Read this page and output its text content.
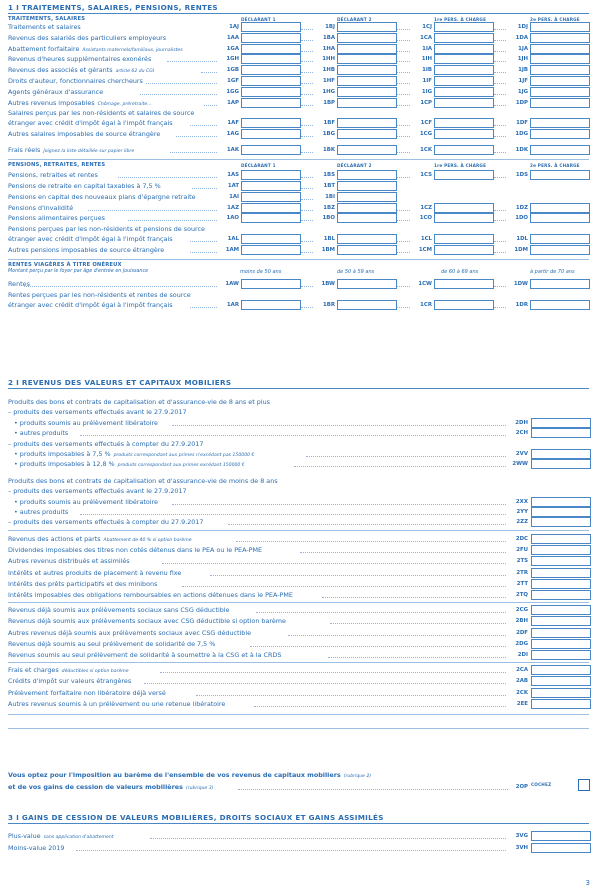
1 I TRAITEMENTS, SALAIRES, PENSIONS, RENTES
TRAITEMENTS, SALAIRES	DÉCLARANT 1	DÉCLARANT 2	1re PERS. À CHARGE	2e PERS. À CHARGE
Traitements et salaires	1AJ	1BJ	1CJ	1DJ
Revenus des salariés des particuliers employeurs	1AA	1BA	1CA	1DA
Abattement forfaitaire Assistants maternels/familiaux, journalistes	1GA	1HA	1IA	1JA
Revenus d'heures supplémentaires exonérés	1GH	1HH	1IH	1JH
Revenus des associés et gérants article 62 du CGI	1GB	1HB	1IB	1JB
Droits d'auteur, fonctionnaires chercheurs	1GF	1HF	1IF	1JF
Agents généraux d'assurance	1GG	1HG	1IG	1JG
Autres revenus imposables Chômage, préretraite...	1AP	1BP	1CP	1DP
Salaires perçus par les non-résidents et salaires de source
étranger avec crédit d'impôt égal à l'impôt français	1AF	1BF	1CF	1DF
Autres salaires imposables de source étrangère	1AG	1BG	1CG	1DG
Frais réels Joignez la liste détaillée sur papier libre	1AK	1BK	1CK	1DK
PENSIONS, RETRAITES, RENTES	DÉCLARANT 1	DÉCLARANT 2	1re PERS. À CHARGE	2e PERS. À CHARGE
Pensions, retraites et rentes	1AS	1BS	1CS	1DS
Pensions de retraite en capital taxables à 7,5 %	1AT	1BT
Pensions en capital des nouveaux plans d'épargne retraite	1AI	1BI
Pensions d'invalidité	1AZ	1BZ	1CZ	1DZ
Pensions alimentaires perçues	1AO	1BO	1CO	1DO
Pensions perçues par les non-résidents et pensions de source
étranger avec crédit d'impôt égal à l'impôt français	1AL	1BL	1CL	1DL
Autres pensions imposables de source étrangère	1AM	1BM	1CM	1DM
RENTES VIAGÈRES À TITRE ONÉREUX
Montant perçu par le foyer par âge d'entrée en jouissance	moins de 50 ans	de 50 à 59 ans	de 60 à 69 ans	à partir de 70 ans
Rentes	1AW	1BW	1CW	1DW
Rentes perçues par les non-résidents et rentes de source
étranger avec crédit d'impôt égal à l'impôt français	1AR	1BR	1CR	1DR
2 I REVENUS DES VALEURS ET CAPITAUX MOBILIERS
Produits des bons et contrats de capitalisation et d'assurance-vie de 8 ans et plus
– produits des versements effectués avant le 27.9.2017
• produits soumis au prélèvement libératoire	2DH
• autres produits	2CH
– produits des versements effectués à compter du 27.9.2017
• produits imposables à 7,5 % produits correspondant aux primes n'excédant pas 150000 €	2VV
• produits imposables à 12,8 % produits correspondant aux primes excédant 150000 €	2WW
Produits des bons et contrats de capitalisation et d'assurance-vie de moins de 8 ans
– produits des versements effectués avant le 27.9.2017
• produits soumis au prélèvement libératoire	2XX
• autres produits	2YY
– produits des versements effectués à compter du 27.9.2017	2ZZ
Revenus des actions et parts Abattement de 40 % si option barème	2DC
Dividendes imposables des titres non cotés détenus dans le PEA ou le PEA-PME	2FU
Autres revenus distribués et assimilés	2TS
Intérêts et autres produits de placement à revenu fixe	2TR
Intérêts des prêts participatifs et des minibons	2TT
Intérêts imposables des obligations remboursables en actions détenues dans le PEA-PME	2TQ
Revenus déjà soumis aux prélèvements sociaux sans CSG déductible	2CG
Revenus déjà soumis aux prélèvements sociaux avec CSG déductible si option barème	2BH
Autres revenus déjà soumis aux prélèvements sociaux avec CSG déductible	2DF
Revenus déjà soumis au seul prélèvement de solidarité de 7,5 %	2DG
Revenus soumis au seul prélèvement de solidarité à soumettre à la CSG et à la CRDS	2DI
Frais et charges déductibles si option barème	2CA
Crédits d'impôt sur valeurs étrangères	2AB
Prélèvement forfaitaire non libératoire déjà versé	2CK
Autres revenus soumis à un prélèvement ou une retenue libératoire	2EE
Vous optez pour l'imposition au barème de l'ensemble de vos revenus de capitaux mobiliers (rubrique 2)
et de vos gains de cession de valeurs mobilières (rubrique 3)	2OP COCHEZ
3 I GAINS DE CESSION DE VALEURS MOBILIÈRES, DROITS SOCIAUX ET GAINS ASSIMILÉS
Plus-value sans application d'abattement	3VG
Moins-value 2019	3VH
3
